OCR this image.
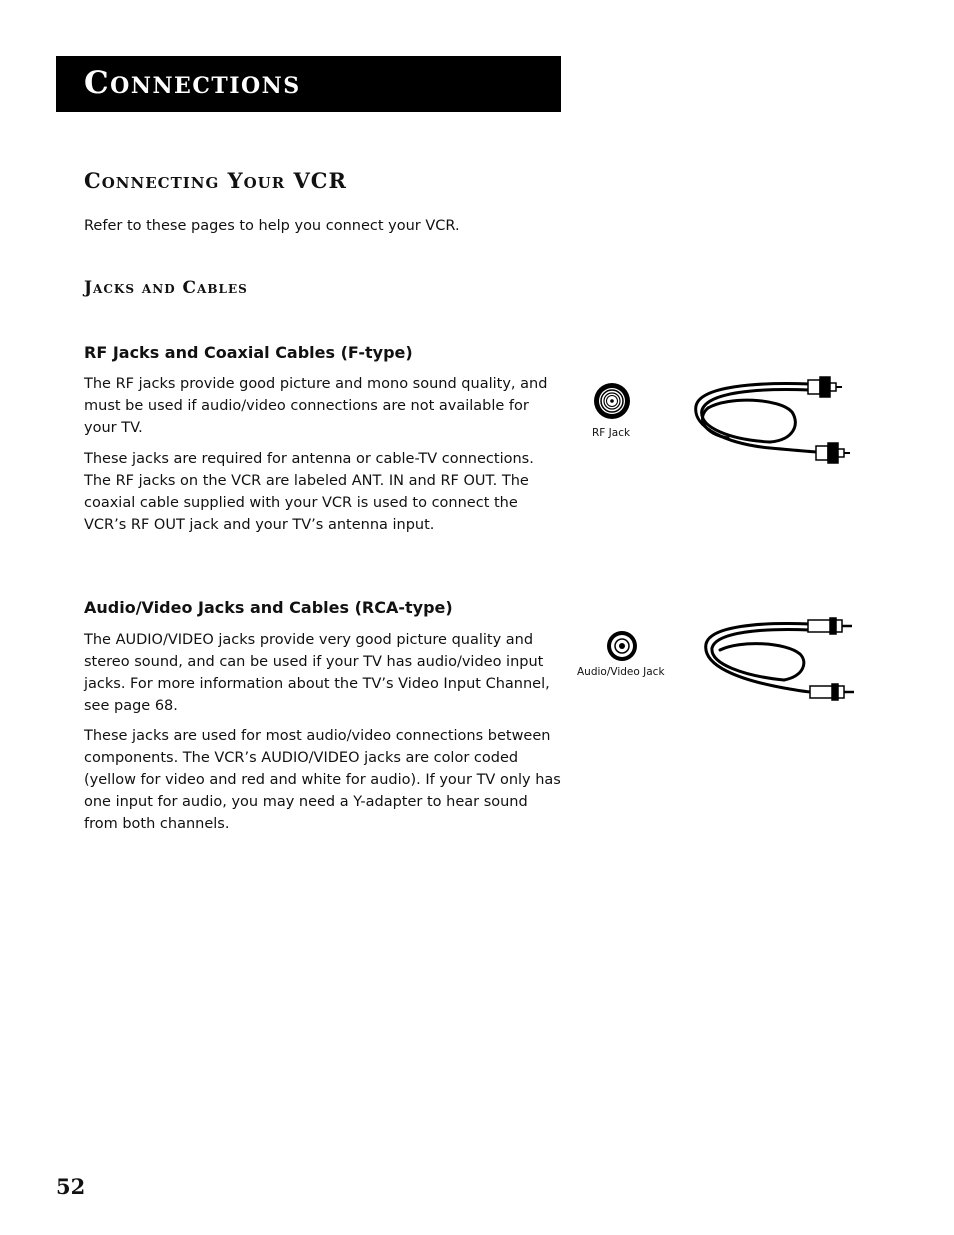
Connections
Connecting Your VCR

Refer to these pages to help you connect your VCR.

Jacks and Cables
RF Jacks and Coaxial Cables (F-type)

The RF jacks provide good picture and mono sound quality, and must be used if audio/video connections are not available for your TV.

These jacks are required for antenna or cable-TV connections. The RF jacks on the VCR are labeled ANT. IN and RF OUT. The coaxial cable supplied with your VCR is used to connect the VCR’s RF OUT jack and your TV’s antenna input.

RF Jack
Audio/Video Jacks and Cables (RCA-type)

The AUDIO/VIDEO jacks provide very good picture quality and stereo sound, and can be used if your TV has audio/video input jacks. For more information about the TV’s Video Input Channel, see page 68.

These jacks are used for most audio/video connections between components. The VCR’s AUDIO/VIDEO jacks are color coded (yellow for video and red and white for audio). If your TV only has one input for audio, you may need a Y-adapter to hear sound from both channels.

Audio/Video Jack
52
